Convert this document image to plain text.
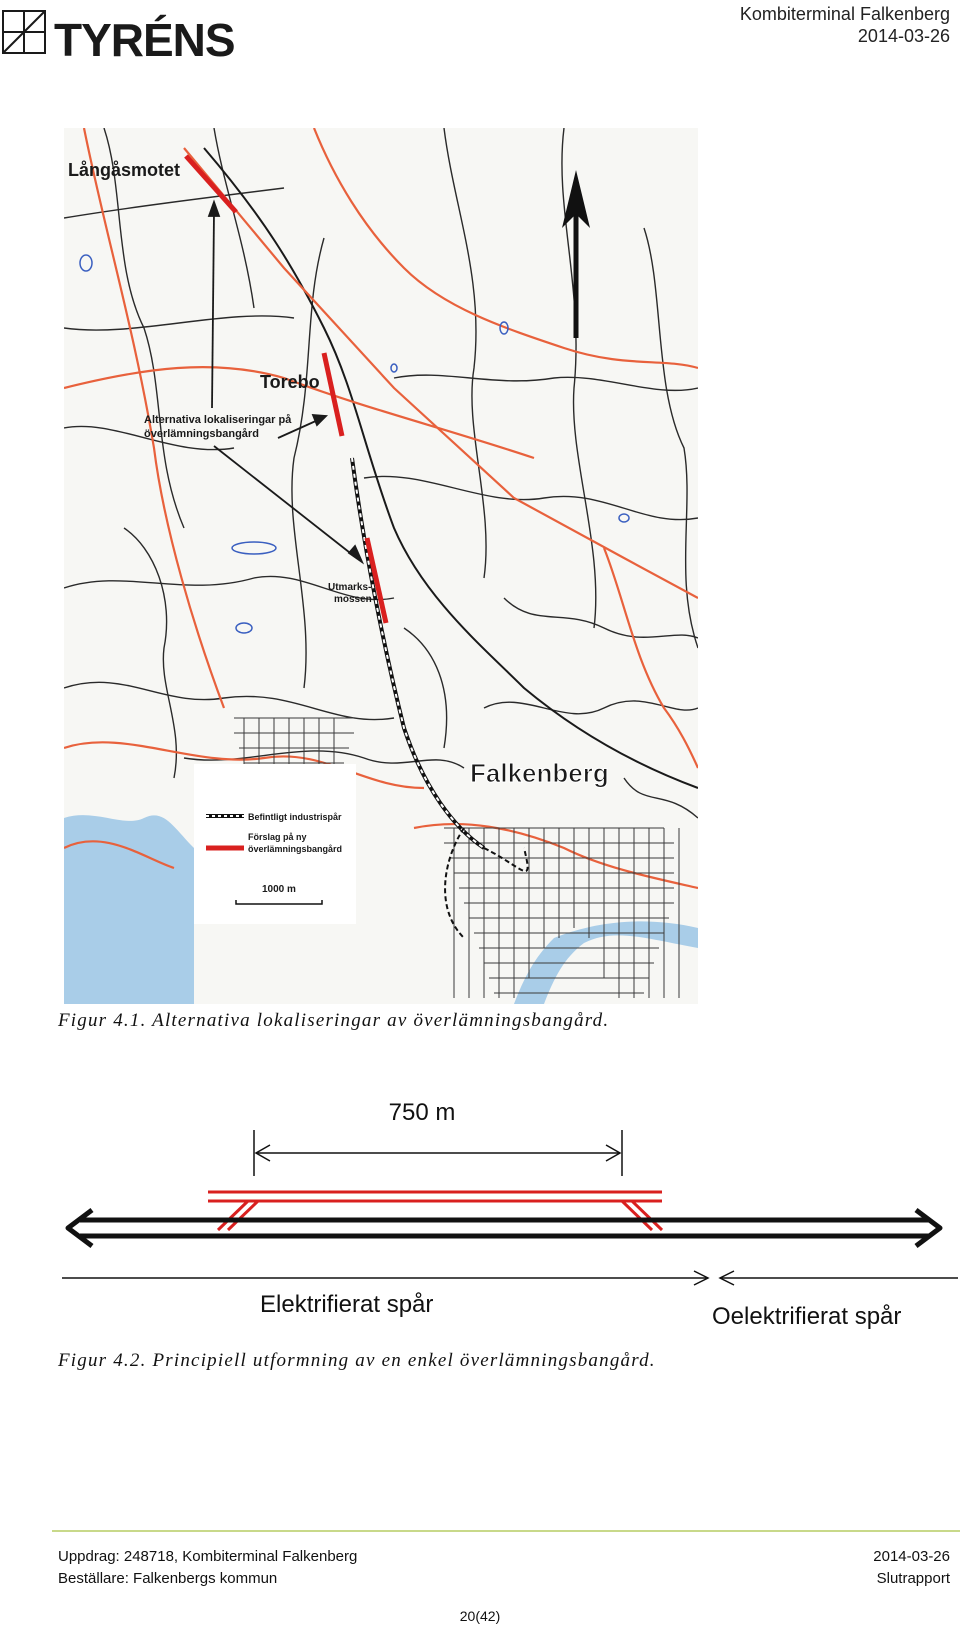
TYRÉNS	Kombiterminal Falkenberg
2014-03-26
Långåsmotet
Torebo
Alternativa lokaliseringar på
överlämningsbangård
Utmarks-
mossen
Falkenberg
Befintligt industrispår
Förslag på ny
överlämningsbangård
1000 m
Figur 4.1. Alternativa lokaliseringar av överlämningsbangård.
750 m
Elektrifierat spår	Oelektrifierat spår
Figur 4.2. Principiell utformning av en enkel överlämningsbangård.
Uppdrag: 248718, Kombiterminal Falkenberg
Beställare: Falkenbergs kommun
2014-03-26
Slutrapport
20(42)
